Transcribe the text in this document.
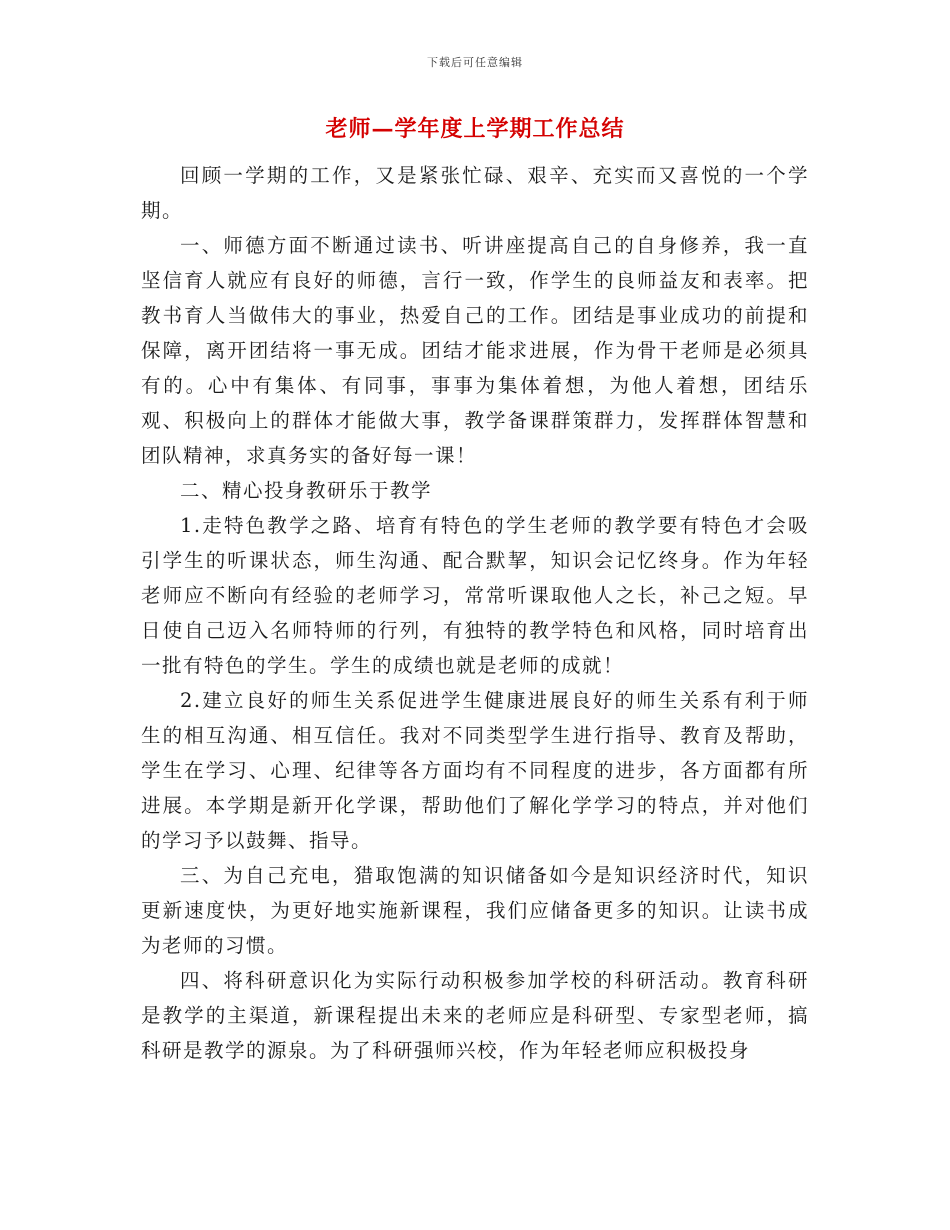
下载后可任意编辑
老师—学年度上学期工作总结

回顾一学期的工作，又是紧张忙碌、艰辛、充实而又喜悦的一个学期。

一、师德方面不断通过读书、听讲座提高自己的自身修养，我一直坚信育人就应有良好的师德，言行一致，作学生的良师益友和表率。把教书育人当做伟大的事业，热爱自己的工作。团结是事业成功的前提和保障，离开团结将一事无成。团结才能求进展，作为骨干老师是必须具有的。心中有集体、有同事，事事为集体着想，为他人着想，团结乐观、积极向上的群体才能做大事，教学备课群策群力，发挥群体智慧和团队精神，求真务实的备好每一课！

二、精心投身教研乐于教学

1.走特色教学之路、培育有特色的学生老师的教学要有特色才会吸引学生的听课状态，师生沟通、配合默挈，知识会记忆终身。作为年轻老师应不断向有经验的老师学习，常常听课取他人之长，补己之短。早日使自己迈入名师特师的行列，有独特的教学特色和风格，同时培育出一批有特色的学生。学生的成绩也就是老师的成就！

2.建立良好的师生关系促进学生健康进展良好的师生关系有利于师生的相互沟通、相互信任。我对不同类型学生进行指导、教育及帮助，学生在学习、心理、纪律等各方面均有不同程度的进步，各方面都有所进展。本学期是新开化学课，帮助他们了解化学学习的特点，并对他们的学习予以鼓舞、指导。

三、为自己充电，猎取饱满的知识储备如今是知识经济时代，知识更新速度快，为更好地实施新课程，我们应储备更多的知识。让读书成为老师的习惯。

四、将科研意识化为实际行动积极参加学校的科研活动。教育科研是教学的主渠道，新课程提出未来的老师应是科研型、专家型老师，搞科研是教学的源泉。为了科研强师兴校，作为年轻老师应积极投身
